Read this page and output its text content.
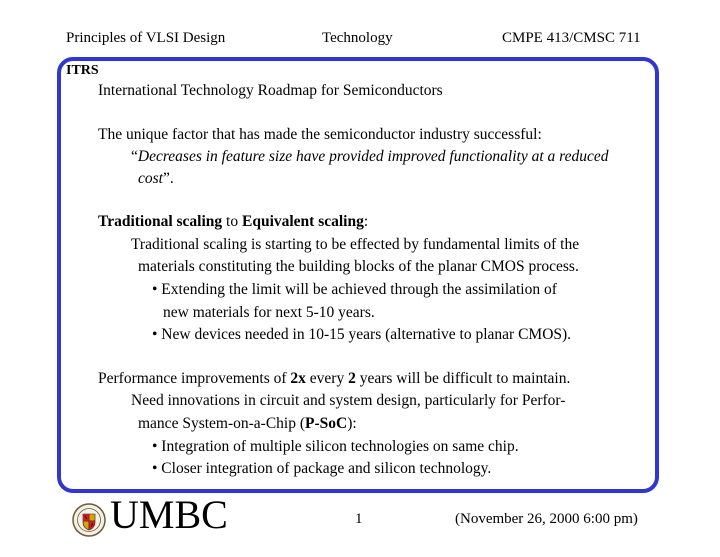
Principles of VLSI Design	Technology	CMPE 413/CMSC 711
ITRS
International Technology Roadmap for Semiconductors
The unique factor that has made the semiconductor industry successful:
“Decreases in feature size have provided improved functionality at a reduced
cost”.
Traditional scaling to Equivalent scaling:
Traditional scaling is starting to be effected by fundamental limits of the
materials constituting the building blocks of the planar CMOS process.
• Extending the limit will be achieved through the assimilation of
new materials for next 5-10 years.
• New devices needed in 10-15 years (alternative to planar CMOS).
Performance improvements of 2x every 2 years will be difficult to maintain.
Need innovations in circuit and system design, particularly for Perfor-
mance System-on-a-Chip (P-SoC):
• Integration of multiple silicon technologies on same chip.
• Closer integration of package and silicon technology.
UMBC	1	(November 26, 2000 6:00 pm)
